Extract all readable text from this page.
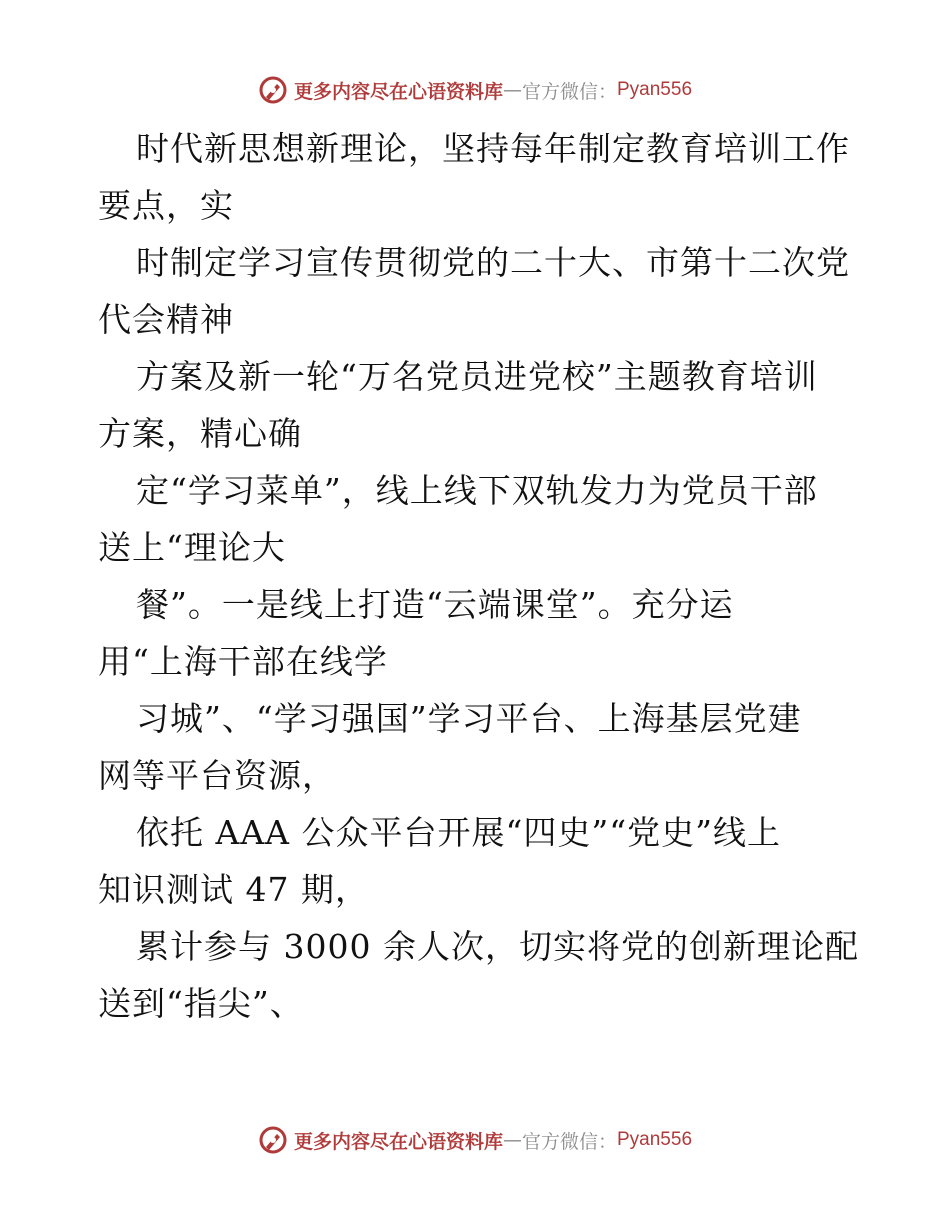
更多内容尽在心语资料库 — 官方微信： Pyan556

时代新思想新理论，坚持每年制定教育培训工作
要点，实

时制定学习宣传贯彻党的二十大、市第十二次党
代会精神

方案及新一轮“万名党员进党校”主题教育培训
方案，精心确

定“学习菜单”，线上线下双轨发力为党员干部
送上“理论大

餐”。一是线上打造“云端课堂”。充分运
用“上海干部在线学

习城”、“学习强国”学习平台、上海基层党建
网等平台资源，

依托 AAA 公众平台开展“四史”“党史”线上
知识测试 47 期，

累计参与 3000 余人次，切实将党的创新理论配
送到“指尖”、

更多内容尽在心语资料库 — 官方微信： Pyan556
